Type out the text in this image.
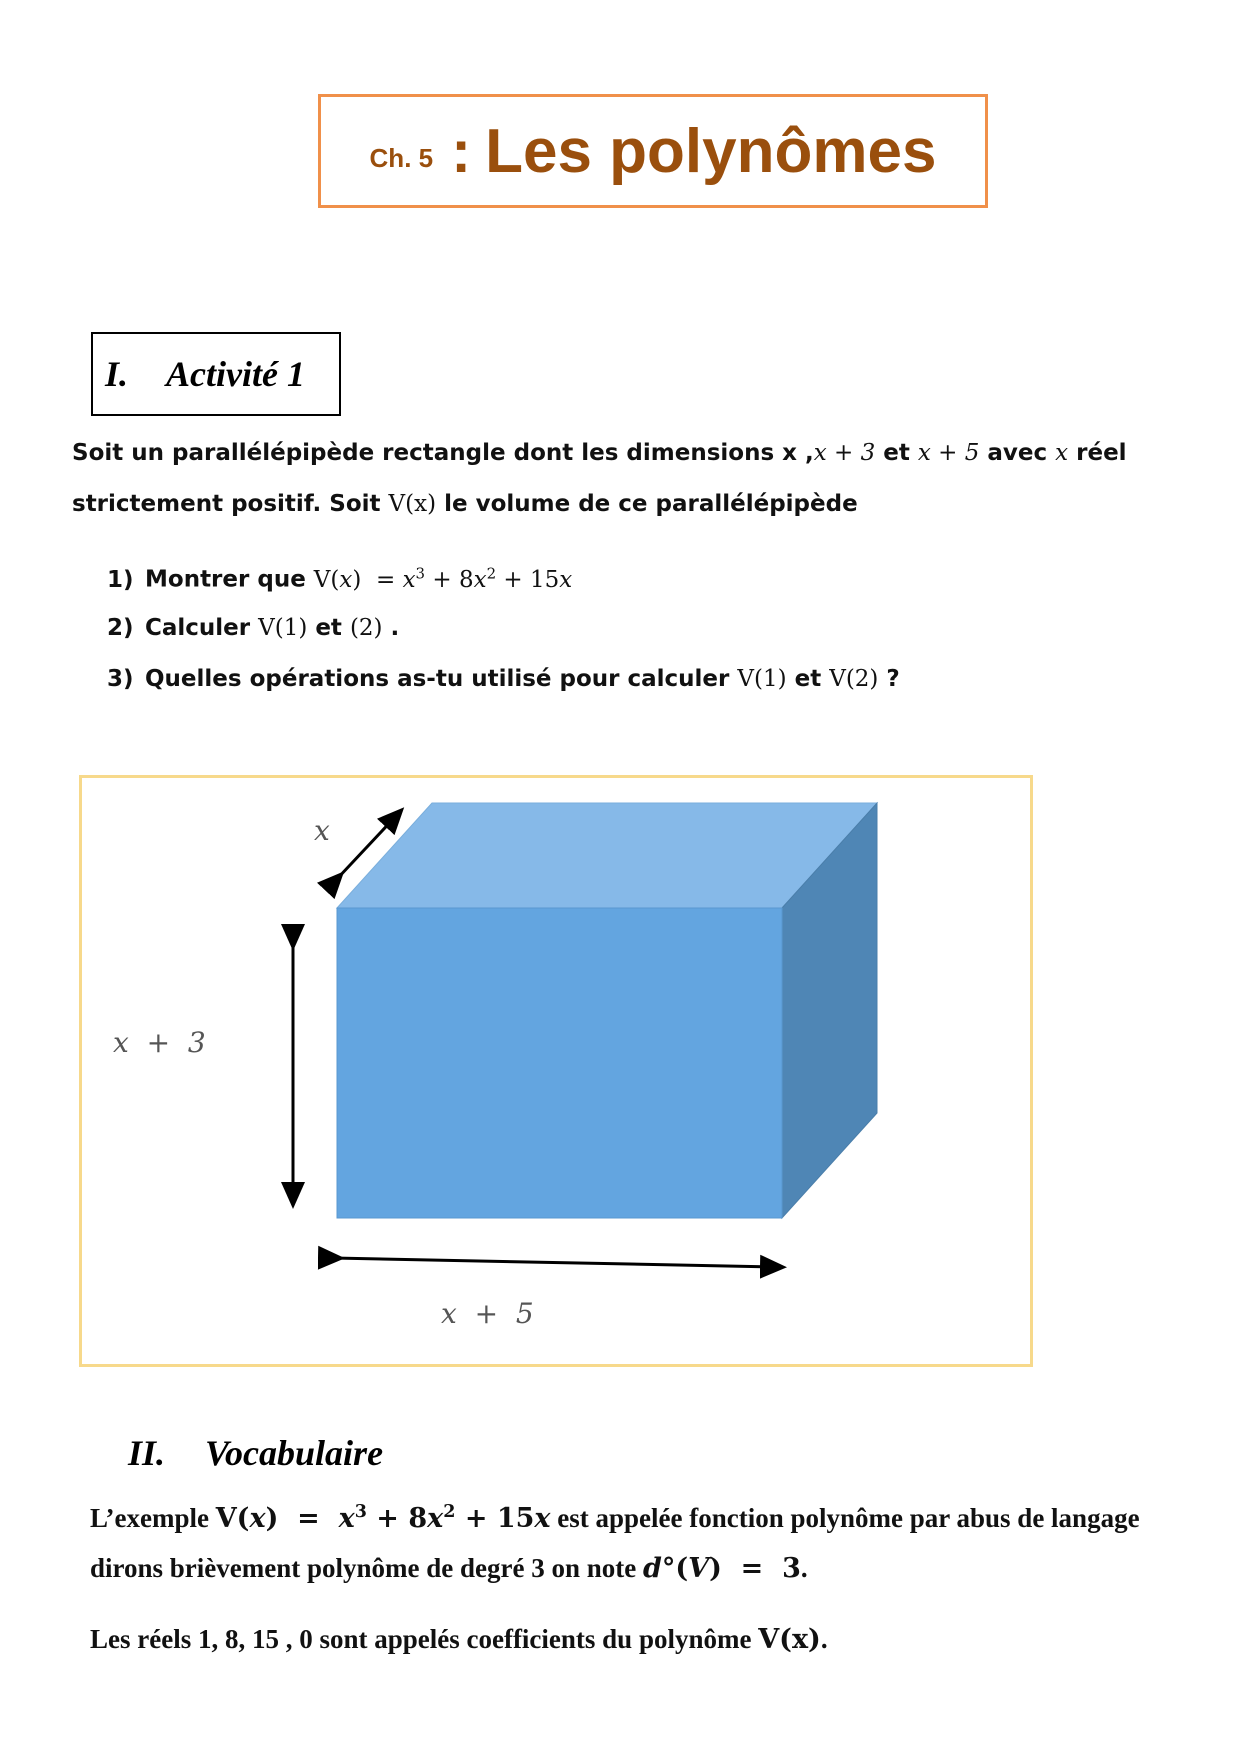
Ch. 5 : Les polynômes
I. Activité 1
Soit un parallélépipède rectangle dont les dimensions x ,x + 3 et x + 5 avec x réel
strictement positif. Soit V(x) le volume de ce parallélépipède
1) Montrer que $V(x) = x^3 + 8x^2 + 15x$
2) Calculer V(1) et (2) .
3) Quelles opérations as-tu utilisé pour calculer V(1) et V(2) ?
x
x  +  3
x  +  5
II. Vocabulaire
L’exemple $V(x) = x^3 + 8x^2 + 15x$ est appelée fonction polynôme par abus de langage
dirons brièvement polynôme de degré 3 on note d°(V)  =  3.
Les réels 1, 8, 15 , 0 sont appelés coefficients du polynôme V(x).
